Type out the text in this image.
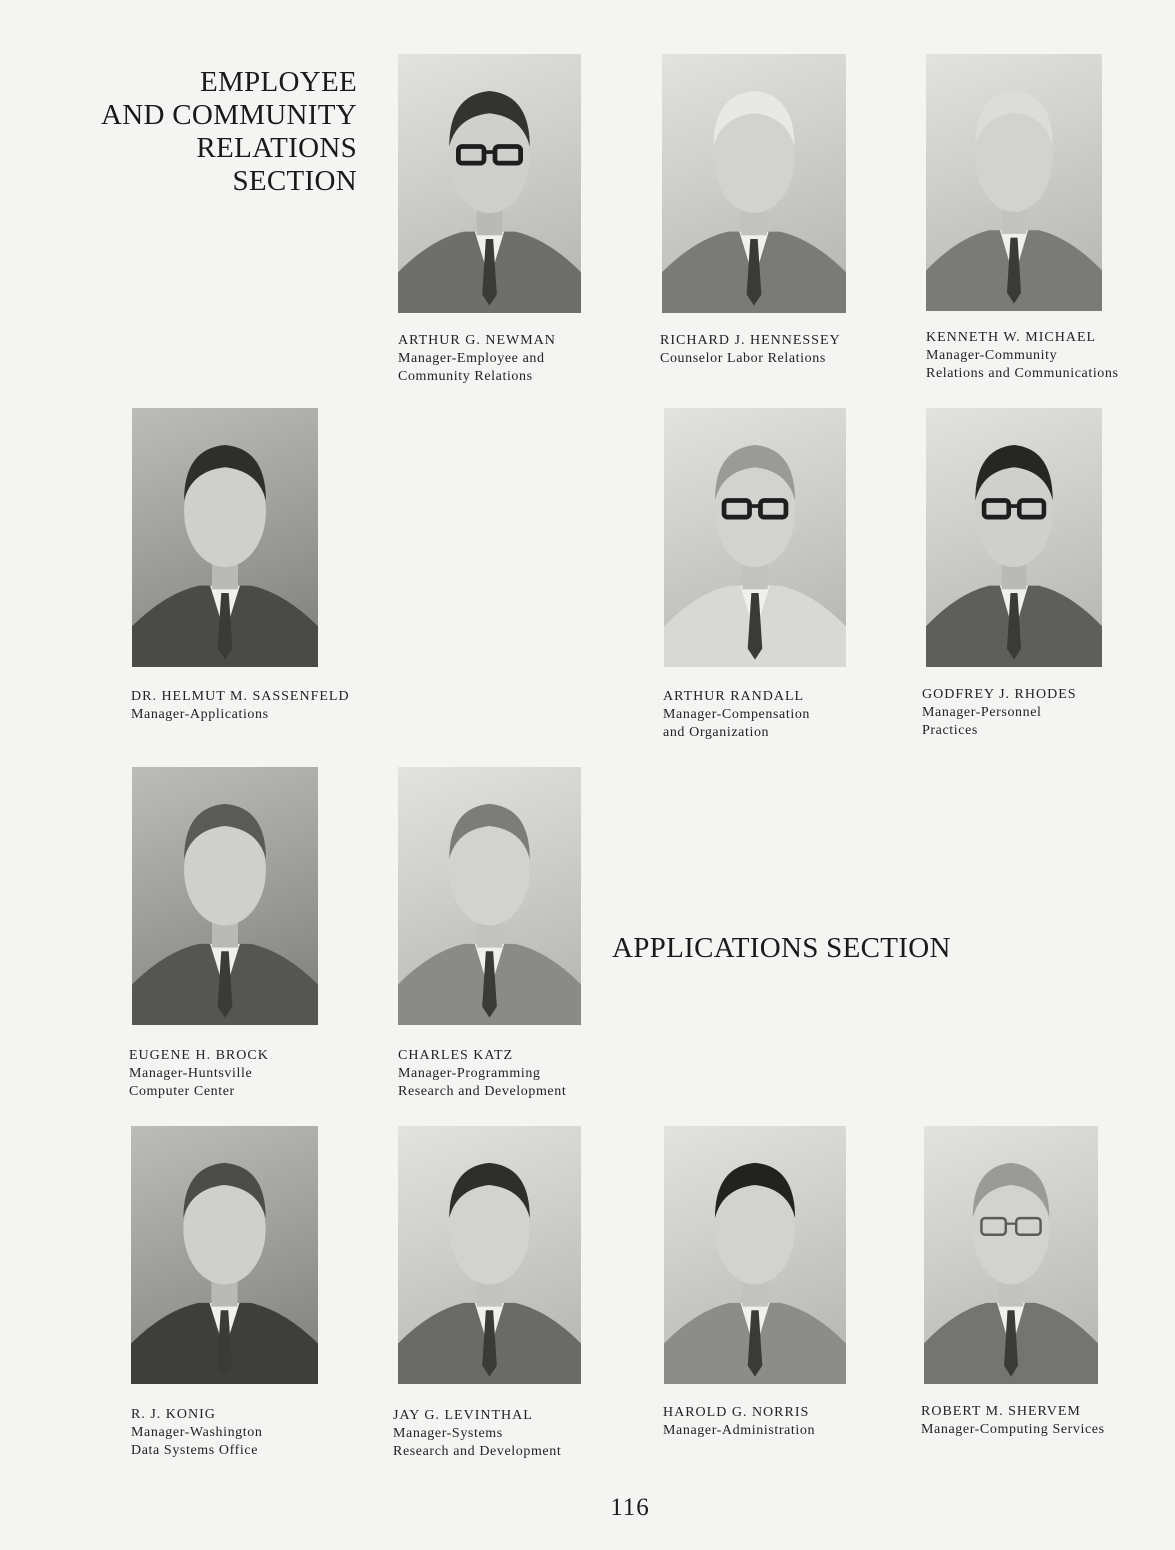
EMPLOYEE
AND COMMUNITY
RELATIONS
SECTION
APPLICATIONS SECTION
ARTHUR G. NEWMAN
Manager-Employee and
Community Relations
RICHARD J. HENNESSEY
Counselor Labor Relations
KENNETH W. MICHAEL
Manager-Community
Relations and Communications
DR. HELMUT M. SASSENFELD
Manager-Applications
ARTHUR RANDALL
Manager-Compensation
and Organization
GODFREY J. RHODES
Manager-Personnel
Practices
EUGENE H. BROCK
Manager-Huntsville
Computer Center
CHARLES KATZ
Manager-Programming
Research and Development
R. J. KONIG
Manager-Washington
Data Systems Office
JAY G. LEVINTHAL
Manager-Systems
Research and Development
HAROLD G. NORRIS
Manager-Administration
ROBERT M. SHERVEM
Manager-Computing Services
116
